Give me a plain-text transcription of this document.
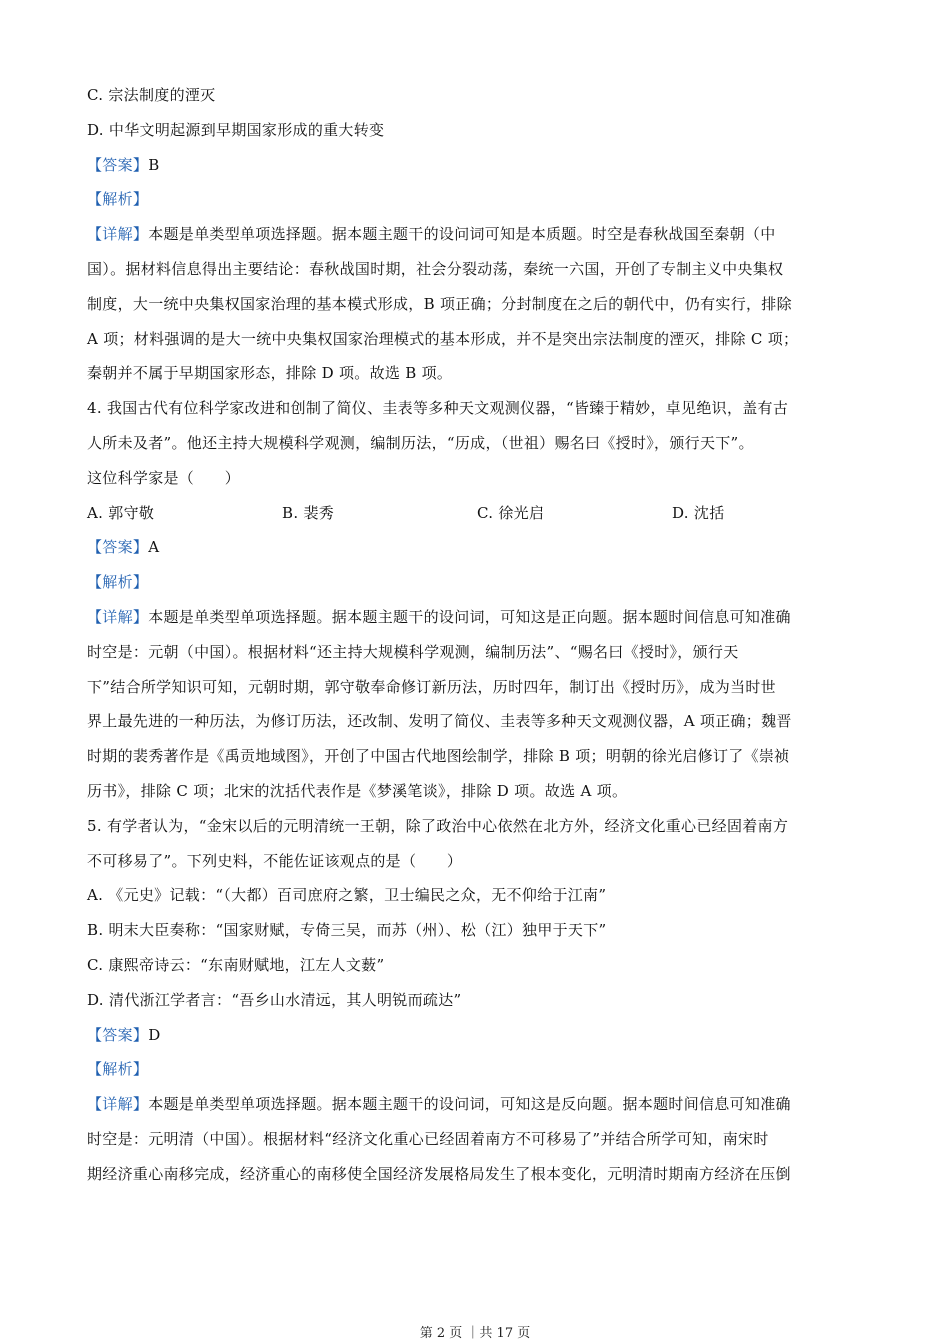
C. 宗法制度的湮灭
D. 中华文明起源到早期国家形成的重大转变
【答案】B
【解析】
【详解】本题是单类型单项选择题。据本题主题干的设问词可知是本质题。时空是春秋战国至秦朝（中
国）。据材料信息得出主要结论：春秋战国时期，社会分裂动荡，秦统一六国，开创了专制主义中央集权
制度，大一统中央集权国家治理的基本模式形成，B 项正确；分封制度在之后的朝代中，仍有实行，排除
A 项；材料强调的是大一统中央集权国家治理模式的基本形成，并不是突出宗法制度的湮灭，排除 C 项；
秦朝并不属于早期国家形态，排除 D 项。故选 B 项。
4. 我国古代有位科学家改进和创制了简仪、圭表等多种天文观测仪器，“皆臻于精妙，卓见绝识，盖有古
人所未及者”。他还主持大规模科学观测，编制历法，“历成，（世祖）赐名曰《授时》，颁行天下”。
这位科学家是（　　）
A. 郭守敬	B. 裴秀	C. 徐光启	D. 沈括
【答案】A
【解析】
【详解】本题是单类型单项选择题。据本题主题干的设问词，可知这是正向题。据本题时间信息可知准确
时空是：元朝（中国）。根据材料“还主持大规模科学观测，编制历法”、“赐名曰《授时》，颁行天
下”结合所学知识可知，元朝时期，郭守敬奉命修订新历法，历时四年，制订出《授时历》，成为当时世
界上最先进的一种历法，为修订历法，还改制、发明了简仪、圭表等多种天文观测仪器，A 项正确；魏晋
时期的裴秀著作是《禹贡地域图》，开创了中国古代地图绘制学，排除 B 项；明朝的徐光启修订了《崇祯
历书》，排除 C 项；北宋的沈括代表作是《梦溪笔谈》，排除 D 项。故选 A 项。
5. 有学者认为，“金宋以后的元明清统一王朝，除了政治中心依然在北方外，经济文化重心已经固着南方
不可移易了”。下列史料，不能佐证该观点的是（　　）
A. 《元史》记载：“（大都）百司庶府之繁，卫士编民之众，无不仰给于江南”
B. 明末大臣奏称：“国家财赋，专倚三吴，而苏（州）、松（江）独甲于天下”
C. 康熙帝诗云：“东南财赋地，江左人文薮”
D. 清代浙江学者言：“吾乡山水清远，其人明锐而疏达”
【答案】D
【解析】
【详解】本题是单类型单项选择题。据本题主题干的设问词，可知这是反向题。据本题时间信息可知准确
时空是：元明清（中国）。根据材料“经济文化重心已经固着南方不可移易了”并结合所学可知，南宋时
期经济重心南移完成，经济重心的南移使全国经济发展格局发生了根本变化，元明清时期南方经济在压倒
第 2 页 ｜共 17 页
